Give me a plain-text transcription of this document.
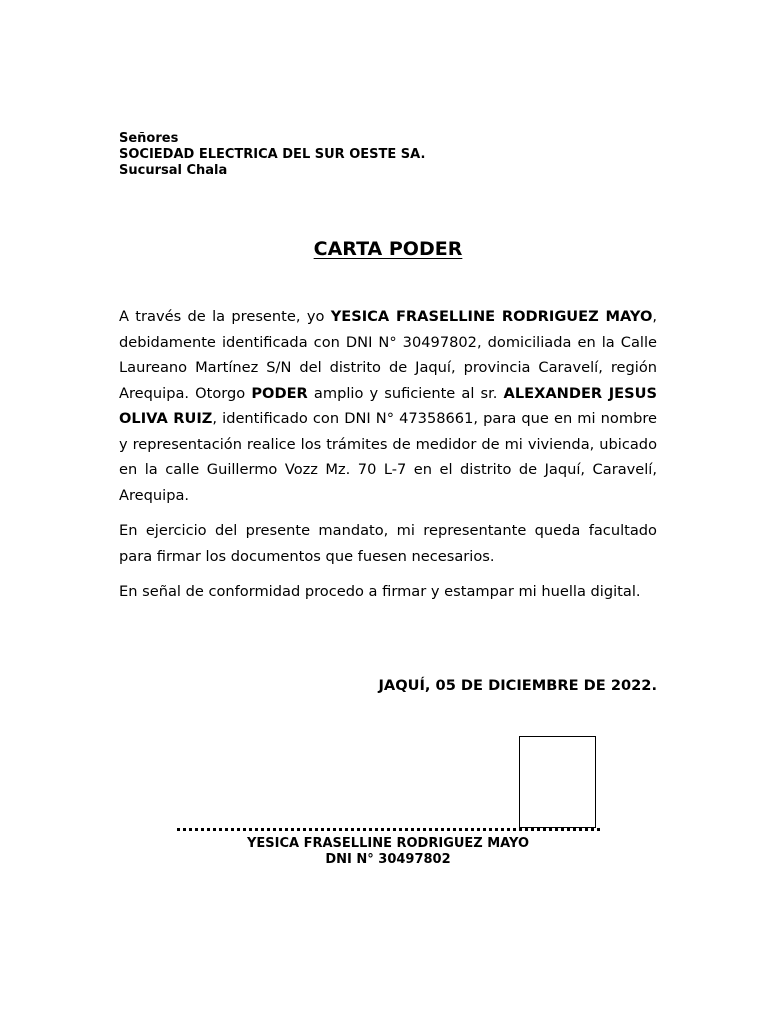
Señores
SOCIEDAD ELECTRICA DEL SUR OESTE SA.
Sucursal Chala
CARTA PODER

A través de la presente, yo YESICA FRASELLINE RODRIGUEZ MAYO, debidamente identificada con DNI N° 30497802, domiciliada en la Calle Laureano Martínez S/N del distrito de Jaquí, provincia Caravelí, región Arequipa. Otorgo PODER amplio y suficiente al sr. ALEXANDER JESUS OLIVA RUIZ, identificado con DNI N° 47358661, para que en mi nombre y representación realice los trámites de medidor de mi vivienda, ubicado en la calle Guillermo Vozz Mz. 70 L-7 en el distrito de Jaquí, Caravelí, Arequipa.

En ejercicio del presente mandato, mi representante queda facultado para firmar los documentos que fuesen necesarios.

En señal de conformidad procedo a firmar y estampar mi huella digital.

JAQUÍ, 05 DE DICIEMBRE DE 2022.
YESICA FRASELLINE RODRIGUEZ MAYO
DNI N° 30497802
